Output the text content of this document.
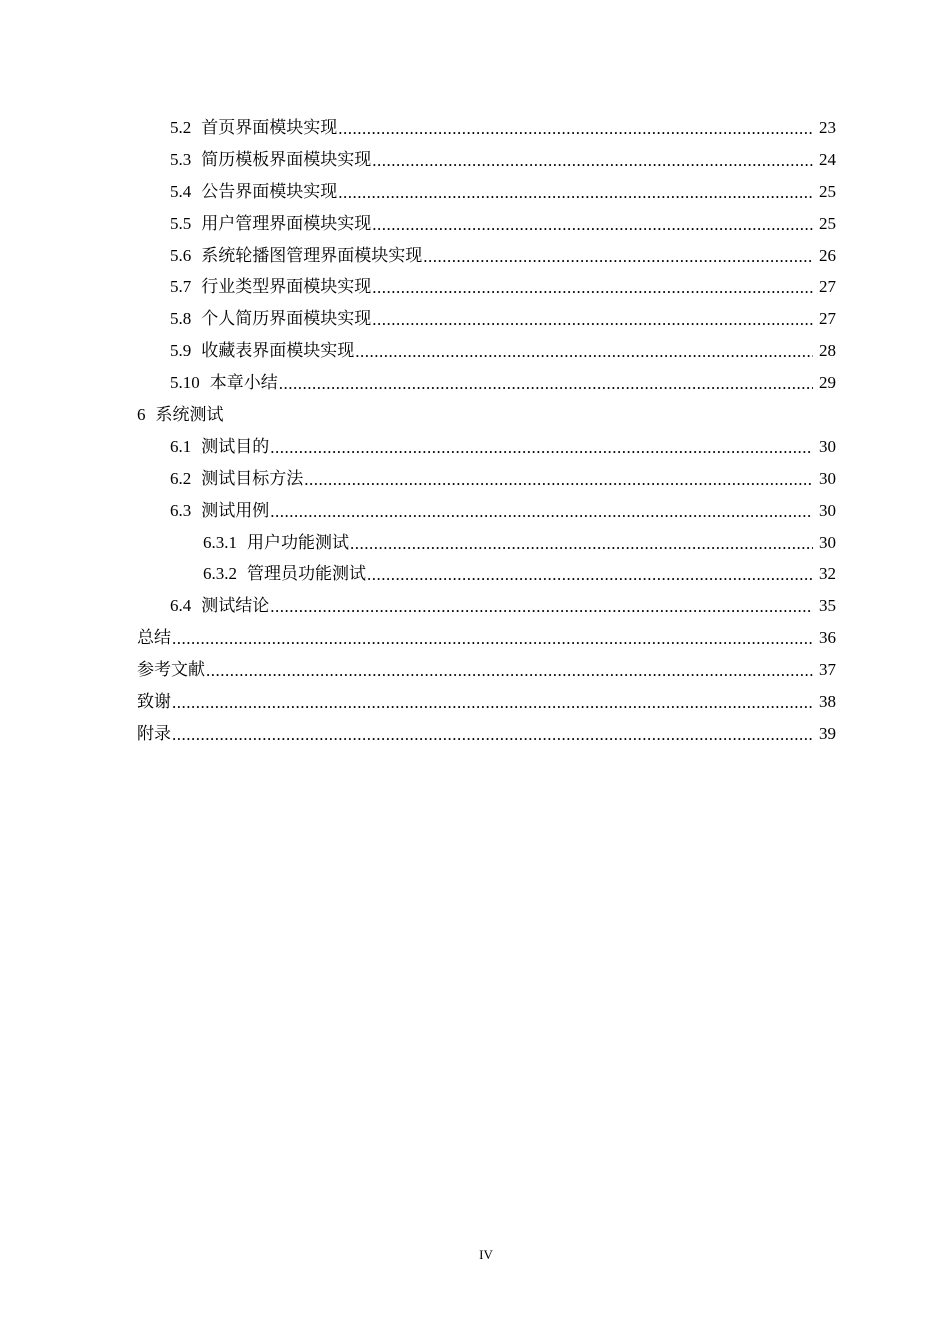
5.2 首页界面模块实现 .....	23
5.3 简历模板界面模块实现 .....	24
5.4 公告界面模块实现 .....	25
5.5 用户管理界面模块实现 .....	25
5.6 系统轮播图管理界面模块实现 .....	26
5.7 行业类型界面模块实现 .....	27
5.8 个人简历界面模块实现 .....	27
5.9 收藏表界面模块实现 .....	28
5.10 本章小结 .....	29
6 系统测试
6.1 测试目的 .....	30
6.2 测试目标方法 .....	30
6.3 测试用例 .....	30
6.3.1 用户功能测试 .....	30
6.3.2 管理员功能测试 .....	32
6.4 测试结论 .....	35
总结 .....	36
参考文献 .....	37
致谢 .....	38
附录 .....	39
IV
